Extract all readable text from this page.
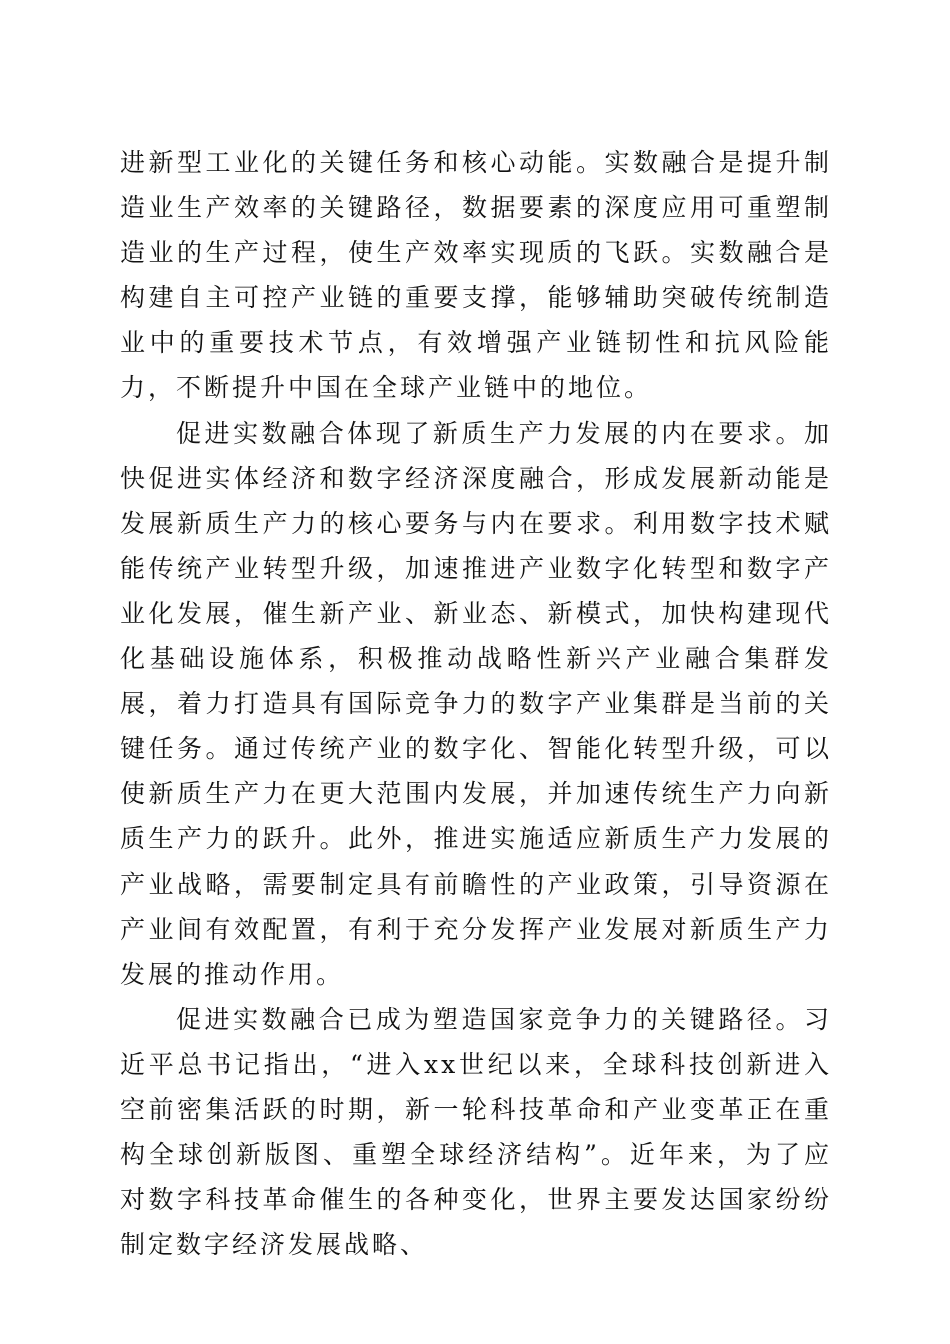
进新型工业化的关键任务和核心动能。实数融合是提升制造业生产效率的关键路径，数据要素的深度应用可重塑制造业的生产过程，使生产效率实现质的飞跃。实数融合是构建自主可控产业链的重要支撑，能够辅助突破传统制造业中的重要技术节点，有效增强产业链韧性和抗风险能力，不断提升中国在全球产业链中的地位。

促进实数融合体现了新质生产力发展的内在要求。加快促进实体经济和数字经济深度融合，形成发展新动能是发展新质生产力的核心要务与内在要求。利用数字技术赋能传统产业转型升级，加速推进产业数字化转型和数字产业化发展，催生新产业、新业态、新模式，加快构建现代化基础设施体系，积极推动战略性新兴产业融合集群发展，着力打造具有国际竞争力的数字产业集群是当前的关键任务。通过传统产业的数字化、智能化转型升级，可以使新质生产力在更大范围内发展，并加速传统生产力向新质生产力的跃升。此外，推进实施适应新质生产力发展的产业战略，需要制定具有前瞻性的产业政策，引导资源在产业间有效配置，有利于充分发挥产业发展对新质生产力发展的推动作用。

促进实数融合已成为塑造国家竞争力的关键路径。习近平总书记指出，“进入xx世纪以来，全球科技创新进入空前密集活跃的时期，新一轮科技革命和产业变革正在重构全球创新版图、重塑全球经济结构”。近年来，为了应对数字科技革命催生的各种变化，世界主要发达国家纷纷制定数字经济发展战略、
